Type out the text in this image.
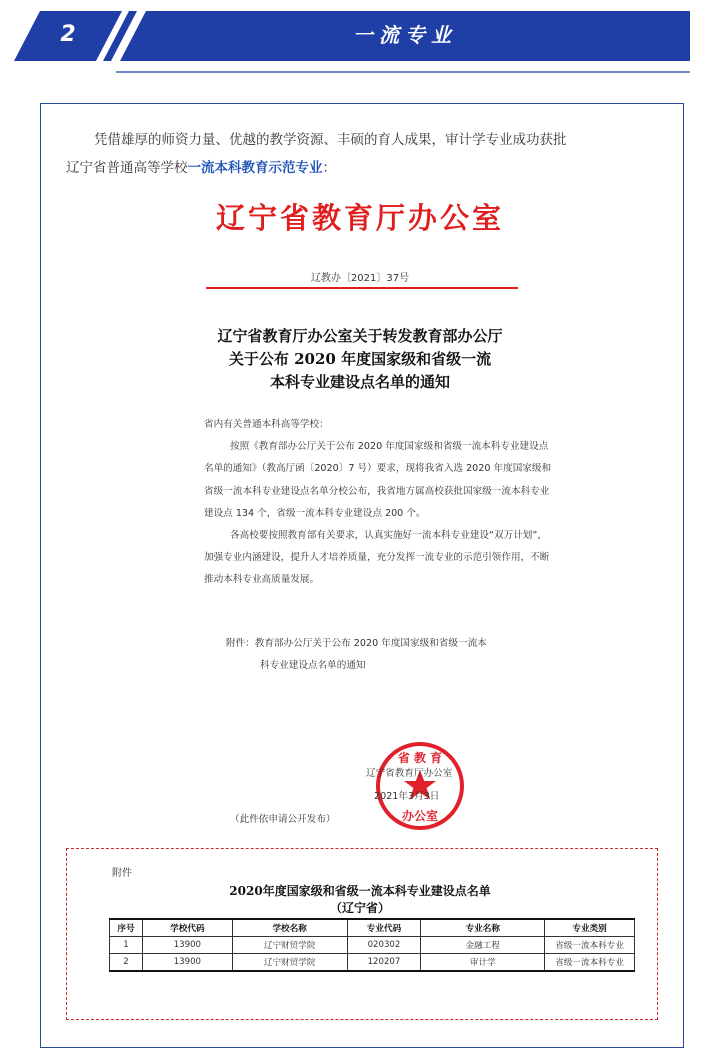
2	一流专业

凭借雄厚的师资力量、优越的教学资源、丰硕的育人成果，审计学专业成功获批

辽宁省普通高等学校一流本科教育示范专业：

辽宁省教育厅办公室
辽教办〔2021〕37号
辽宁省教育厅办公室关于转发教育部办公厅
关于公布 2020 年度国家级和省级一流
本科专业建设点名单的通知

省内有关普通本科高等学校：

按照《教育部办公厅关于公布 2020 年度国家级和省级一流本科专业建设点名单的通知》（教高厅函〔2020〕7 号）要求，现将我省入选 2020 年度国家级和省级一流本科专业建设点名单分校公布，我省地方属高校获批国家级一流本科专业建设点 134 个，省级一流本科专业建设点 200 个。

各高校要按照教育部有关要求，认真实施好一流本科专业建设“双万计划”，加强专业内涵建设，提升人才培养质量，充分发挥一流专业的示范引领作用，不断推动本科专业高质量发展。

附件：教育部办公厅关于公布 2020 年度国家级和省级一流本

科专业建设点名单的通知

省 教 育
办公室
辽宁省教育厅办公室
2021年3月3日
（此件依申请公开发布）
附件
2020年度国家级和省级一流本科专业建设点名单
（辽宁省）
序号	学校代码	学校名称	专业代码	专业名称	专业类别
1	13900	辽宁财贸学院	020302	金融工程	省级一流本科专业
2	13900	辽宁财贸学院	120207	审计学	省级一流本科专业
